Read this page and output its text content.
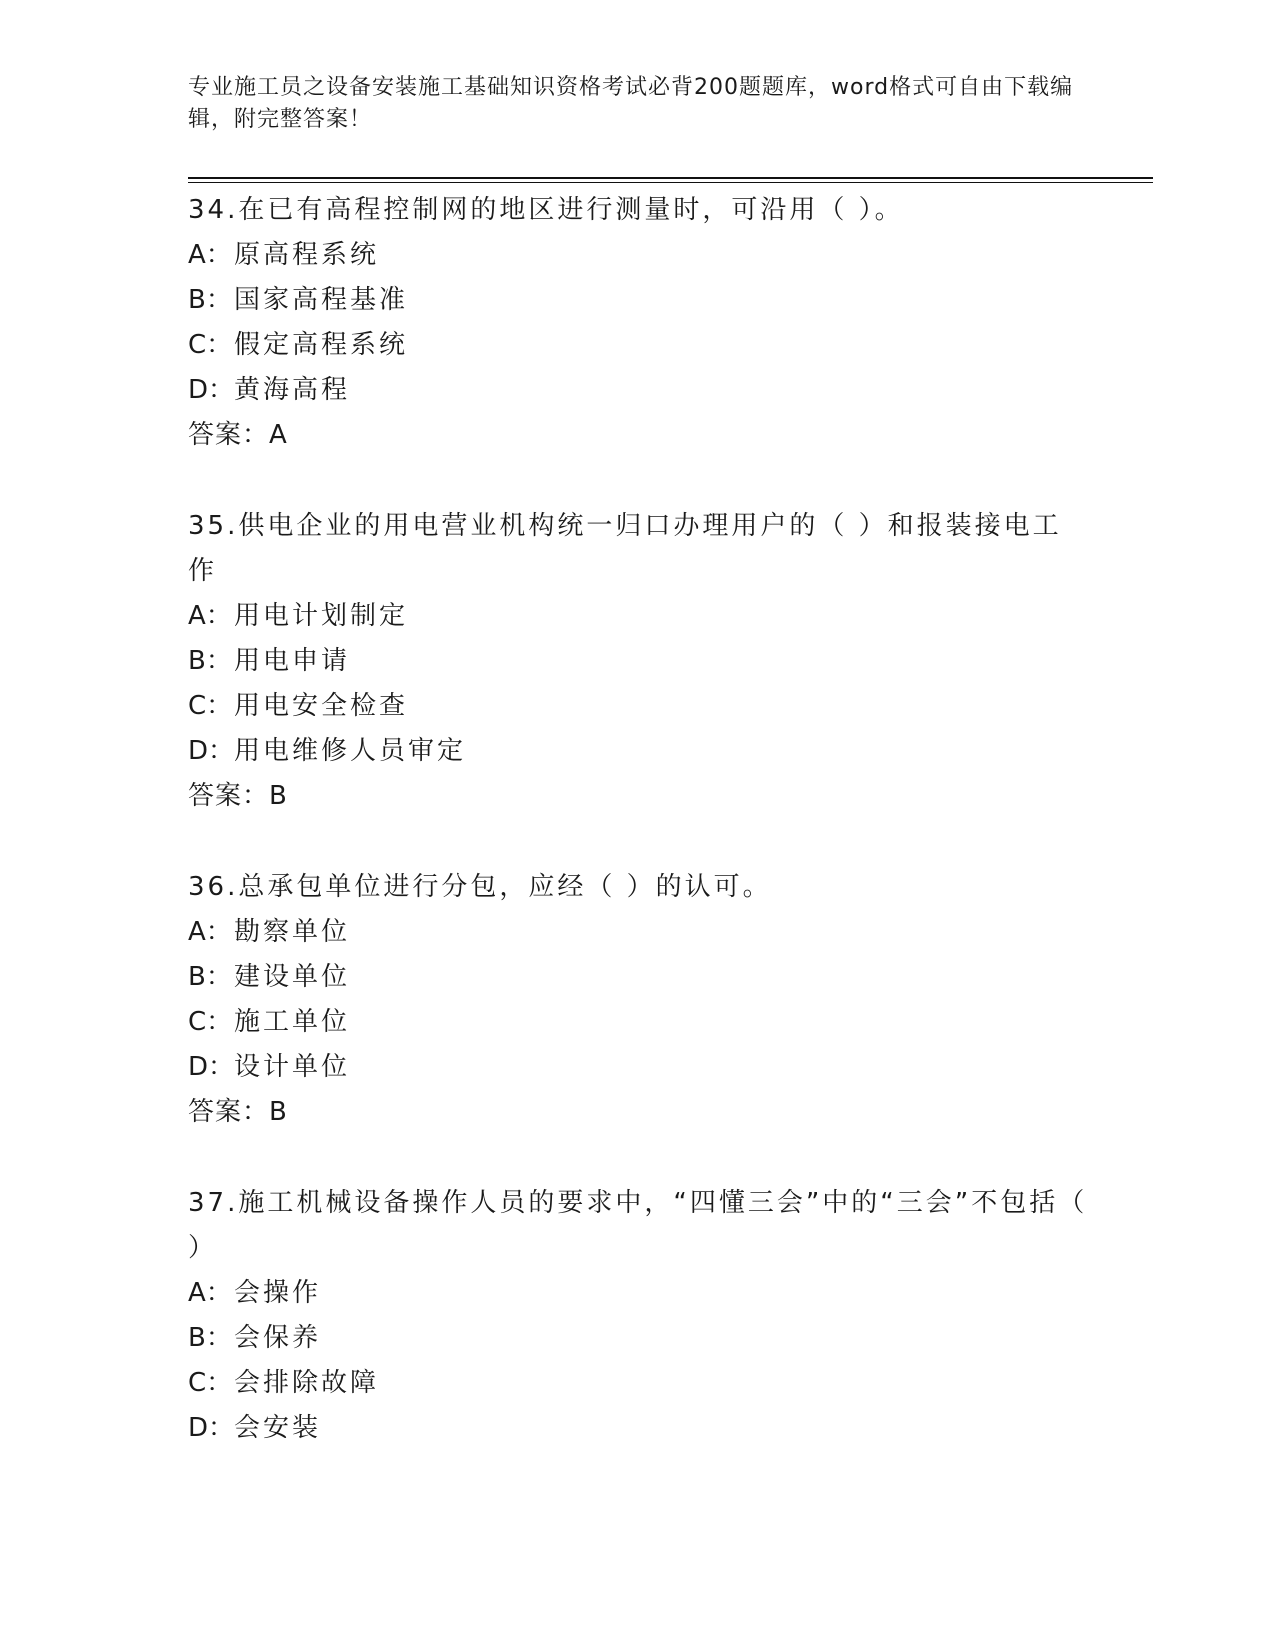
专业施工员之设备安装施工基础知识资格考试必背200题题库，word格式可自由下载编辑，附完整答案！
34.在已有高程控制网的地区进行测量时，可沿用（ ）。
A：原高程系统
B：国家高程基准
C：假定高程系统
D：黄海高程
答案：A
35.供电企业的用电营业机构统一归口办理用户的（ ）和报装接电工作
A：用电计划制定
B：用电申请
C：用电安全检查
D：用电维修人员审定
答案：B
36.总承包单位进行分包，应经（ ）的认可。
A：勘察单位
B：建设单位
C：施工单位
D：设计单位
答案：B
37.施工机械设备操作人员的要求中，“四懂三会”中的“三会”不包括（ ）
A：会操作
B：会保养
C：会排除故障
D：会安装
